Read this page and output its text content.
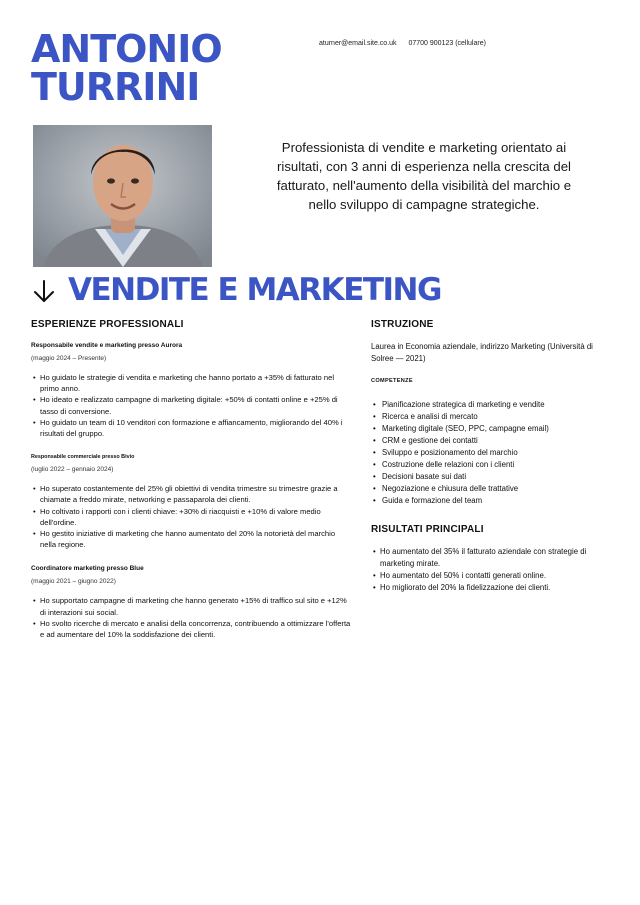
ANTONIO
TURRINI
aturner@email.site.co.uk 07700 900123 (cellulare)
Professionista di vendite e marketing orientato ai risultati, con 3 anni di esperienza nella crescita del fatturato, nell'aumento della visibilità del marchio e nello sviluppo di campagne strategiche.
VENDITE E MARKETING
ESPERIENZE PROFESSIONALI
Responsabile vendite e marketing presso Aurora
(maggio 2024 – Presente)
• Ho guidato le strategie di vendita e marketing che hanno portato a +35% di fatturato nel primo anno.
• Ho ideato e realizzato campagne di marketing digitale: +50% di contatti online e +25% di tasso di conversione.
• Ho guidato un team di 10 venditori con formazione e affiancamento, migliorando del 40% i risultati del gruppo.
Responsabile commerciale presso Bivio
(luglio 2022 – gennaio 2024)
• Ho superato costantemente del 25% gli obiettivi di vendita trimestre su trimestre grazie a chiamate a freddo mirate, networking e passaparola dei clienti.
• Ho coltivato i rapporti con i clienti chiave: +30% di riacquisti e +10% di valore medio dell'ordine.
• Ho gestito iniziative di marketing che hanno aumentato del 20% la notorietà del marchio nella regione.
Coordinatore marketing presso Blue
(maggio 2021 – giugno 2022)
• Ho supportato campagne di marketing che hanno generato +15% di traffico sul sito e +12% di interazioni sui social.
• Ho svolto ricerche di mercato e analisi della concorrenza, contribuendo a ottimizzare l'offerta e ad aumentare del 10% la soddisfazione dei clienti.
ISTRUZIONE
Laurea in Economia aziendale, indirizzo Marketing (Università di Solree — 2021)
COMPETENZE
• Pianificazione strategica di marketing e vendite
• Ricerca e analisi di mercato
• Marketing digitale (SEO, PPC, campagne email)
• CRM e gestione dei contatti
• Sviluppo e posizionamento del marchio
• Costruzione delle relazioni con i clienti
• Decisioni basate sui dati
• Negoziazione e chiusura delle trattative
• Guida e formazione del team
RISULTATI PRINCIPALI
• Ho aumentato del 35% il fatturato aziendale con strategie di marketing mirate.
• Ho aumentato del 50% i contatti generati online.
• Ho migliorato del 20% la fidelizzazione dei clienti.
